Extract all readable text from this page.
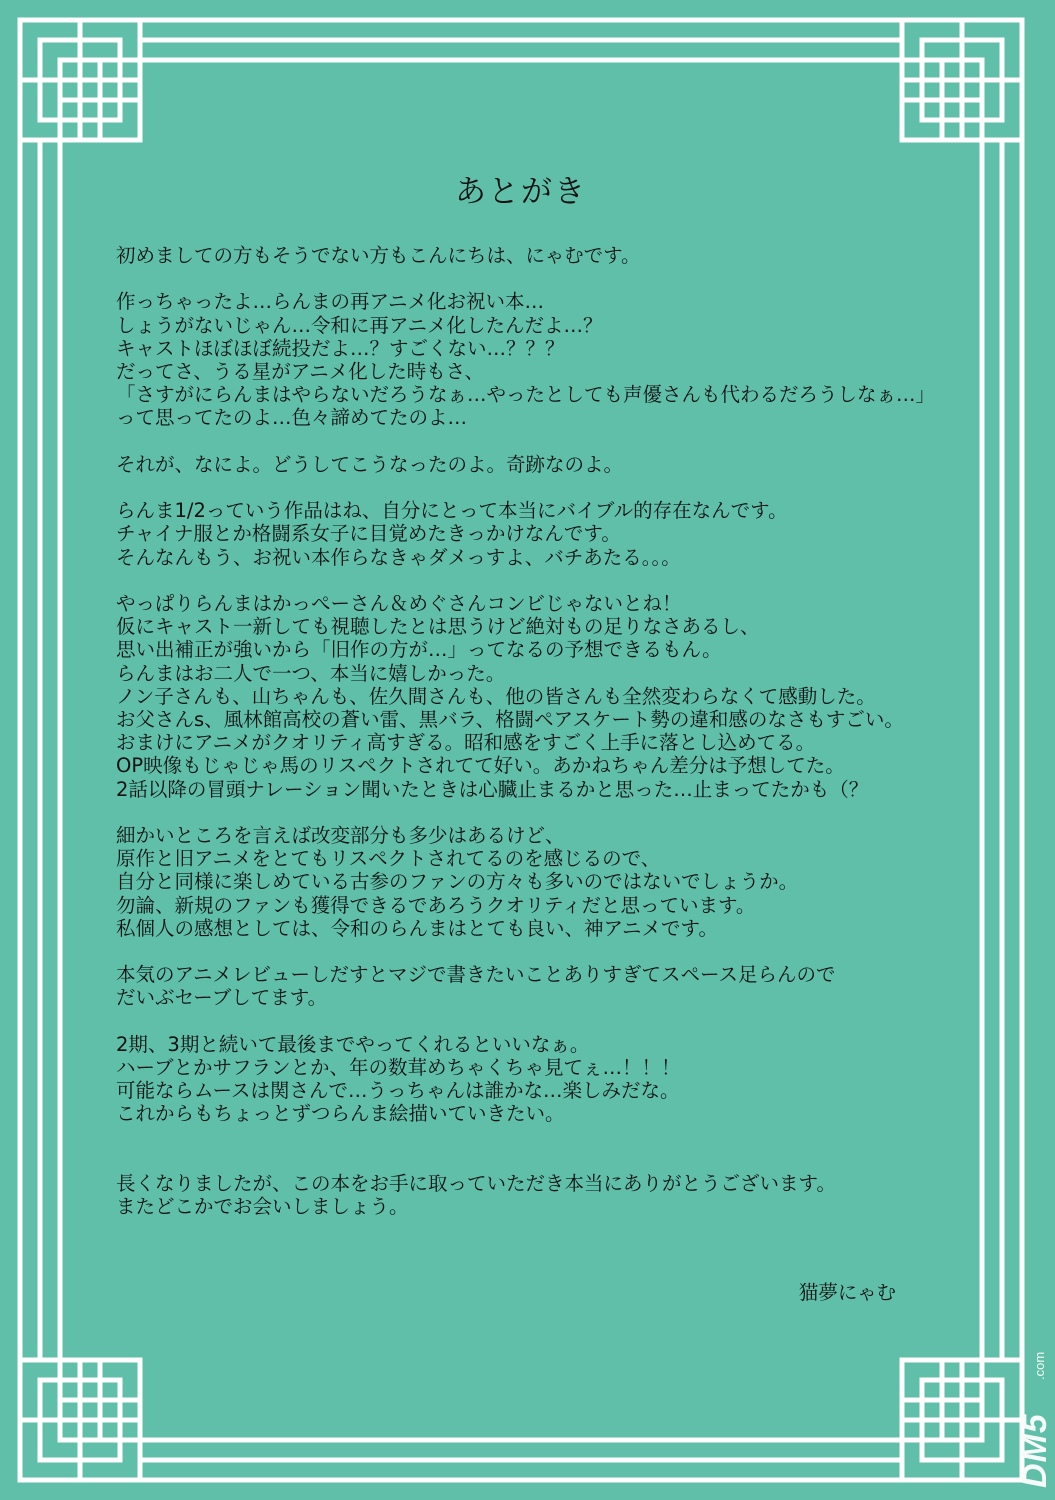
あとがき
初めましての方もそうでない方もこんにちは、にゃむです。
作っちゃったよ…らんまの再アニメ化お祝い本…
しょうがないじゃん…令和に再アニメ化したんだよ…？
キャストほぼほぼ続投だよ…？すごくない…？？？
だってさ、うる星がアニメ化した時もさ、
「さすがにらんまはやらないだろうなぁ…やったとしても声優さんも代わるだろうしなぁ…」
って思ってたのよ…色々諦めてたのよ…
それが、なによ。どうしてこうなったのよ。奇跡なのよ。
らんま1/2っていう作品はね、自分にとって本当にバイブル的存在なんです。
チャイナ服とか格闘系女子に目覚めたきっかけなんです。
そんなんもう、お祝い本作らなきゃダメっすよ、バチあたる。。。
やっぱりらんまはかっぺーさん＆めぐさんコンビじゃないとね！
仮にキャスト一新しても視聴したとは思うけど絶対もの足りなさあるし、
思い出補正が強いから「旧作の方が…」ってなるの予想できるもん。
らんまはお二人で一つ、本当に嬉しかった。
ノン子さんも、山ちゃんも、佐久間さんも、他の皆さんも全然変わらなくて感動した。
お父さんs、風林館高校の蒼い雷、黒バラ、格闘ペアスケート勢の違和感のなさもすごい。
おまけにアニメがクオリティ高すぎる。昭和感をすごく上手に落とし込めてる。
OP映像もじゃじゃ馬のリスペクトされてて好い。あかねちゃん差分は予想してた。
2話以降の冒頭ナレーション聞いたときは心臓止まるかと思った…止まってたかも（？
細かいところを言えば改変部分も多少はあるけど、
原作と旧アニメをとてもリスペクトされてるのを感じるので、
自分と同様に楽しめている古参のファンの方々も多いのではないでしょうか。
勿論、新規のファンも獲得できるであろうクオリティだと思っています。
私個人の感想としては、令和のらんまはとても良い、神アニメです。
本気のアニメレビューしだすとマジで書きたいことありすぎてスペース足らんので
だいぶセーブしてます。
2期、3期と続いて最後までやってくれるといいなぁ。
ハーブとかサフランとか、年の数茸めちゃくちゃ見てぇ…！！！
可能ならムースは関さんで…うっちゃんは誰かな…楽しみだな。
これからもちょっとずつらんま絵描いていきたい。
長くなりましたが、この本をお手に取っていただき本当にありがとうございます。
またどこかでお会いしましょう。
猫夢にゃむ
DM5
.com
